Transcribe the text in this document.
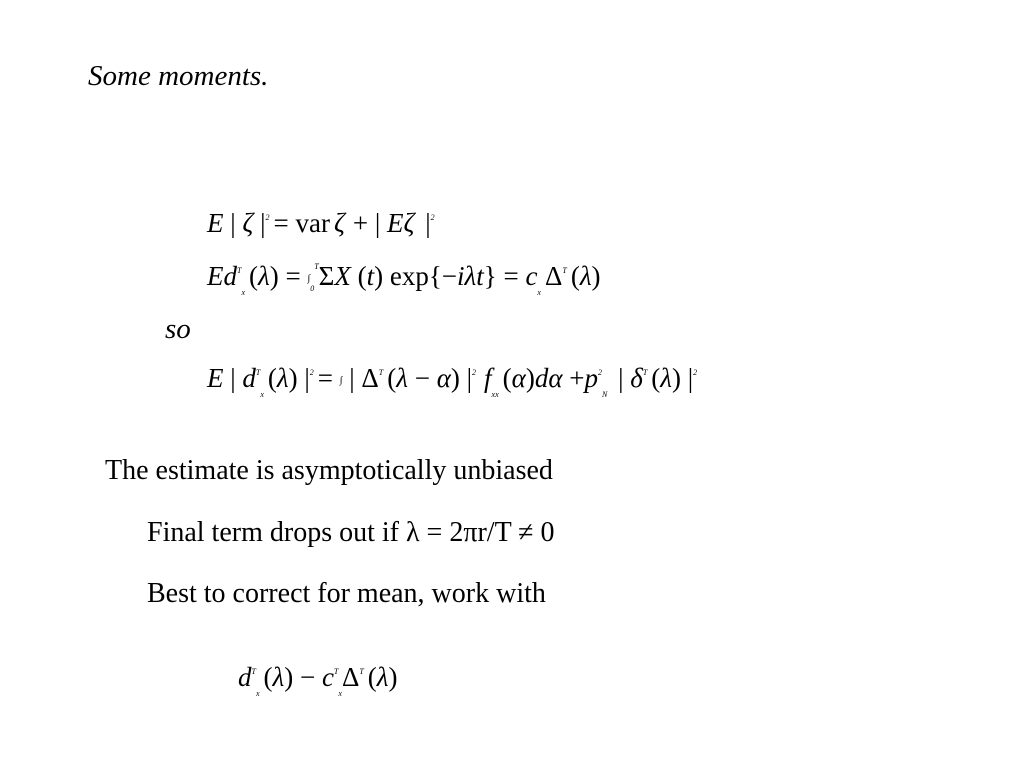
Some moments.
E | ζ $|^2$ = var ζ + | Eζ $|^2$
$Ed^T_x(\lambda) = \int_0^T\Sigma X$ (t) $\exp\{-i\lambda t\} = c_x\Delta^T$ (λ)
so
E | $d^T_x(\lambda) |^2$ = ∫ | $\Delta^T$ (λ − α) $|^2$ $f_{xx}(\alpha)d\alpha +p^2_N$ | $\delta^T$ (λ) $|^2$
The estimate is asymptotically unbiased
Final term drops out if λ = 2πr/T ≠ 0
Best to correct for mean, work with
$d^T_x(\lambda) - c^T_x\Delta^T$ (λ)
